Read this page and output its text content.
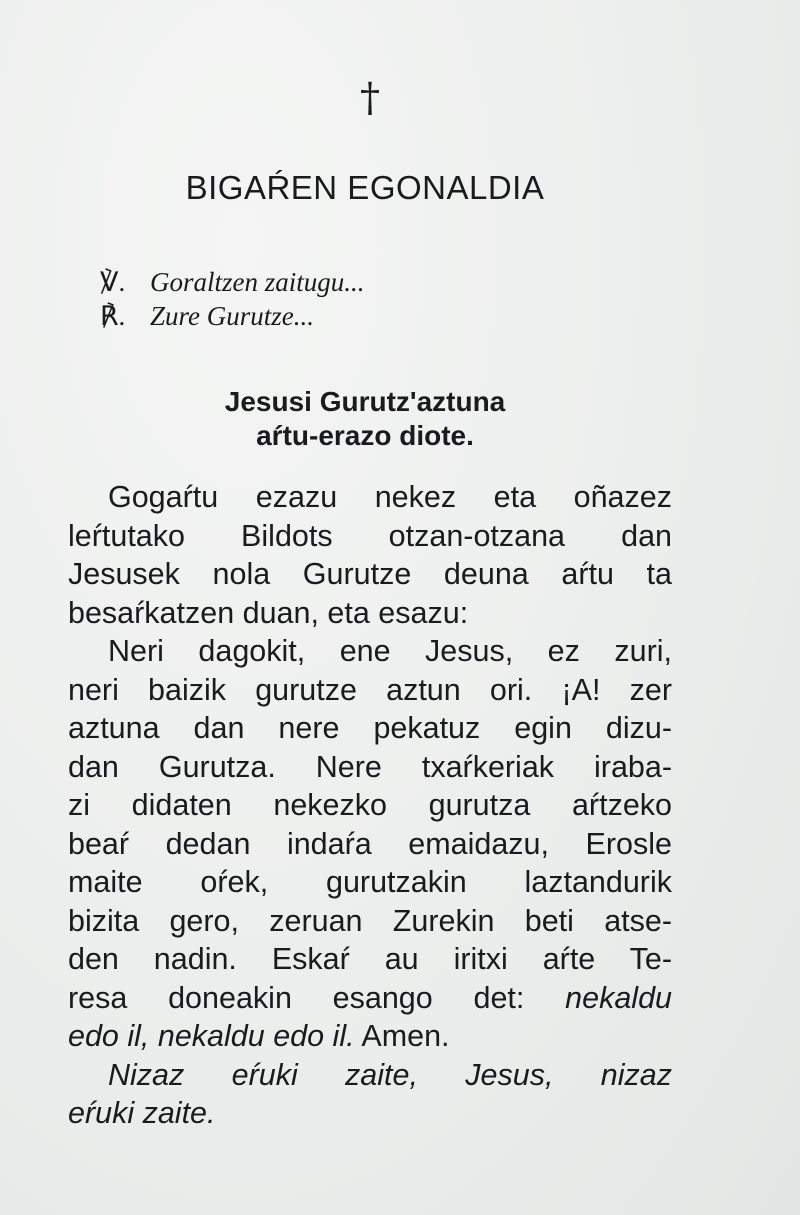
†
BIGAŔEN EGONALDIA
℣. Goraltzen zaitugu...
℟. Zure Gurutze...
Jesusi Gurutz'aztuna
aŕtu-erazo diote.
Gogaŕtu ezazu nekez eta oñazez
leŕtutako Bildots otzan-otzana dan
Jesusek nola Gurutze deuna aŕtu ta
besaŕkatzen duan, eta esazu:
Neri dagokit, ene Jesus, ez zuri,
neri baizik gurutze aztun ori. ¡A! zer
aztuna dan nere pekatuz egin dizu-
dan Gurutza. Nere txaŕkeriak iraba-
zi didaten nekezko gurutza aŕtzeko
beaŕ dedan indaŕa emaidazu, Erosle
maite oŕek, gurutzakin laztandurik
bizita gero, zeruan Zurekin beti atse-
den nadin. Eskaŕ au iritxi aŕte Te-
resa doneakin esango det: nekaldu
edo il, nekaldu edo il. Amen.
Nizaz eŕuki zaite, Jesus, nizaz
eŕuki zaite.
